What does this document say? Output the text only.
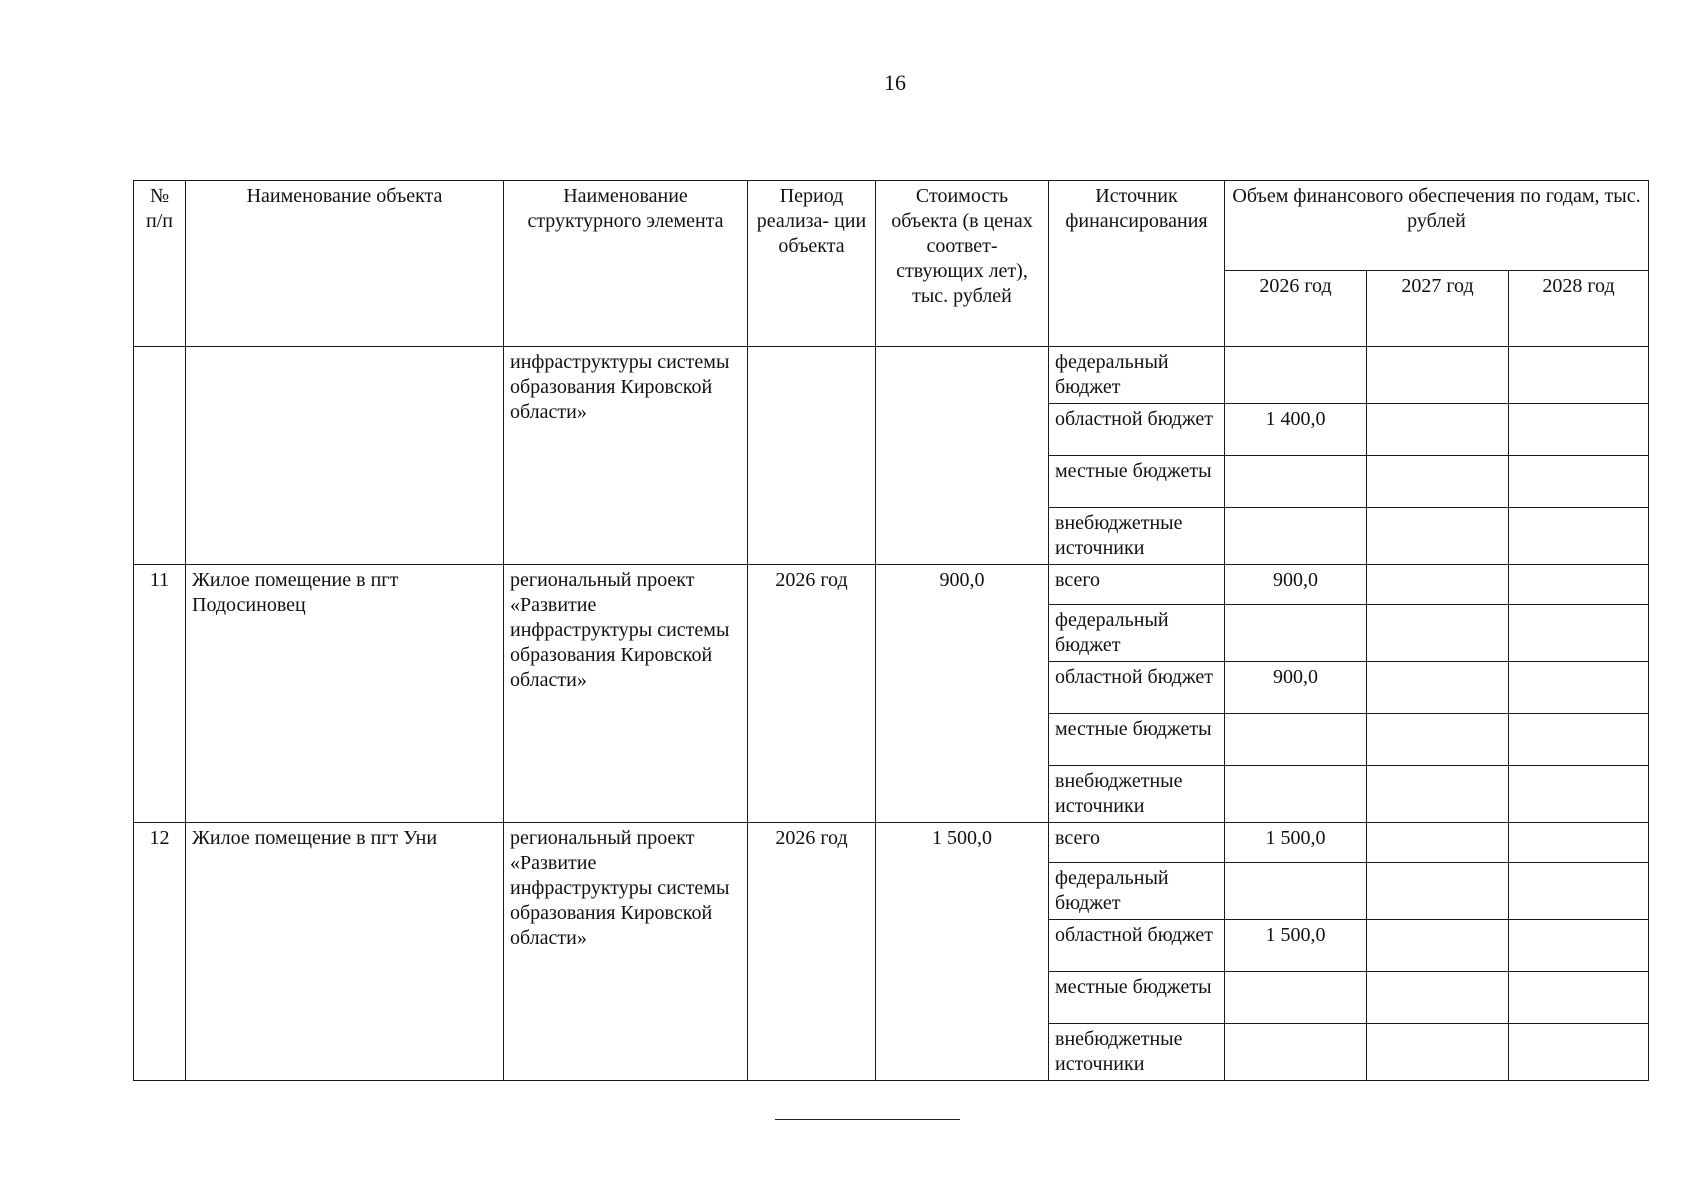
16
№ п/п	Наименование объекта	Наименование структурного элемента	Период реализа- ции объекта	Стоимость объекта (в ценах соответ- ствующих лет), тыс. рублей	Источник финансирования	Объем финансового обеспечения по годам, тыс. рублей		
						2026 год	2027 год	2028 год
		инфраструктуры системы образования Кировской области»			федеральный бюджет			
					областной бюджет	1 400,0		
					местные бюджеты			
					внебюджетные источники			
11	Жилое помещение в пгт Подосиновец	региональный проект «Развитие инфраструктуры системы образования Кировской области»	2026 год	900,0	всего	900,0		
					федеральный бюджет			
					областной бюджет	900,0		
					местные бюджеты			
					внебюджетные источники			
12	Жилое помещение в пгт Уни	региональный проект «Развитие инфраструктуры системы образования Кировской области»	2026 год	1 500,0	всего	1 500,0		
					федеральный бюджет			
					областной бюджет	1 500,0		
					местные бюджеты			
					внебюджетные источники			
